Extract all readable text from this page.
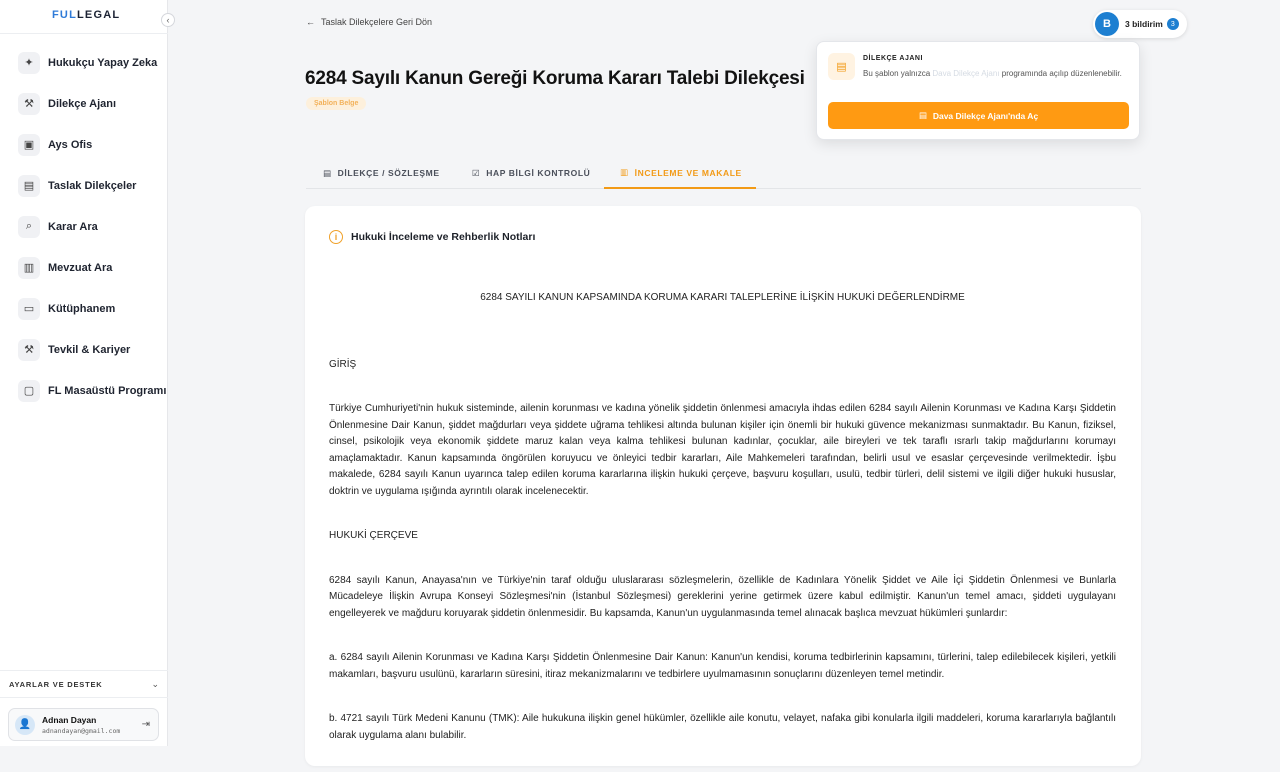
FULLEGAL
✦	Hukukçu Yapay Zeka
⚒	Dilekçe Ajanı
▣	Ays Ofis
▤	Taslak Dilekçeler
⌕	Karar Ara
▥	Mevzuat Ara
▭	Kütüphanem
⚒	Tevkil & Kariyer
▢	FL Masaüstü Programı
AYARLAR VE DESTEK	⌄
👤	Adnan Dayan
adnandayan@gmail.com
⇥
‹	← Taslak Dilekçelere Geri Dön
6284 Sayılı Kanun Gereği Koruma Kararı Talebi Dilekçesi
Şablon Belge
B	3 bildirim	3
▤
DİLEKÇE AJANI
Bu şablon yalnızca Dava Dilekçe Ajanı programında açılıp düzenlenebilir.
▤ Dava Dilekçe Ajanı'nda Aç
▤ DİLEKÇE / SÖZLEŞME	☑ HAP BİLGİ KONTROLÜ	▥ İNCELEME VE MAKALE
i	Hukuki İnceleme ve Rehberlik Notları
6284 SAYILI KANUN KAPSAMINDA KORUMA KARARI TALEPLERİNE İLİŞKİN HUKUKİ DEĞERLENDİRME
GİRİŞ

Türkiye Cumhuriyeti'nin hukuk sisteminde, ailenin korunması ve kadına yönelik şiddetin önlenmesi amacıyla ihdas edilen 6284 sayılı Ailenin Korunması ve Kadına Karşı Şiddetin Önlenmesine Dair Kanun, şiddet mağdurları veya şiddete uğrama tehlikesi altında bulunan kişiler için önemli bir hukuki güvence mekanizması sunmaktadır. Bu Kanun, fiziksel, cinsel, psikolojik veya ekonomik şiddete maruz kalan veya kalma tehlikesi bulunan kadınlar, çocuklar, aile bireyleri ve tek taraflı ısrarlı takip mağdurlarını korumayı amaçlamaktadır. Kanun kapsamında öngörülen koruyucu ve önleyici tedbir kararları, Aile Mahkemeleri tarafından, belirli usul ve esaslar çerçevesinde verilmektedir. İşbu makalede, 6284 sayılı Kanun uyarınca talep edilen koruma kararlarına ilişkin hukuki çerçeve, başvuru koşulları, usulü, tedbir türleri, delil sistemi ve ilgili diğer hukuki hususlar, doktrin ve uygulama ışığında ayrıntılı olarak incelenecektir.

HUKUKİ ÇERÇEVE

6284 sayılı Kanun, Anayasa'nın ve Türkiye'nin taraf olduğu uluslararası sözleşmelerin, özellikle de Kadınlara Yönelik Şiddet ve Aile İçi Şiddetin Önlenmesi ve Bunlarla Mücadeleye İlişkin Avrupa Konseyi Sözleşmesi'nin (İstanbul Sözleşmesi) gereklerini yerine getirmek üzere kabul edilmiştir. Kanun'un temel amacı, şiddeti uygulayanı engelleyerek ve mağduru koruyarak şiddetin önlenmesidir. Bu kapsamda, Kanun'un uygulanmasında temel alınacak başlıca mevzuat hükümleri şunlardır:

a. 6284 sayılı Ailenin Korunması ve Kadına Karşı Şiddetin Önlenmesine Dair Kanun: Kanun'un kendisi, koruma tedbirlerinin kapsamını, türlerini, talep edilebilecek kişileri, yetkili makamları, başvuru usulünü, kararların süresini, itiraz mekanizmalarını ve tedbirlere uyulmamasının sonuçlarını düzenleyen temel metindir.

b. 4721 sayılı Türk Medeni Kanunu (TMK): Aile hukukuna ilişkin genel hükümler, özellikle aile konutu, velayet, nafaka gibi konularla ilgili maddeleri, koruma kararlarıyla bağlantılı olarak uygulama alanı bulabilir.
